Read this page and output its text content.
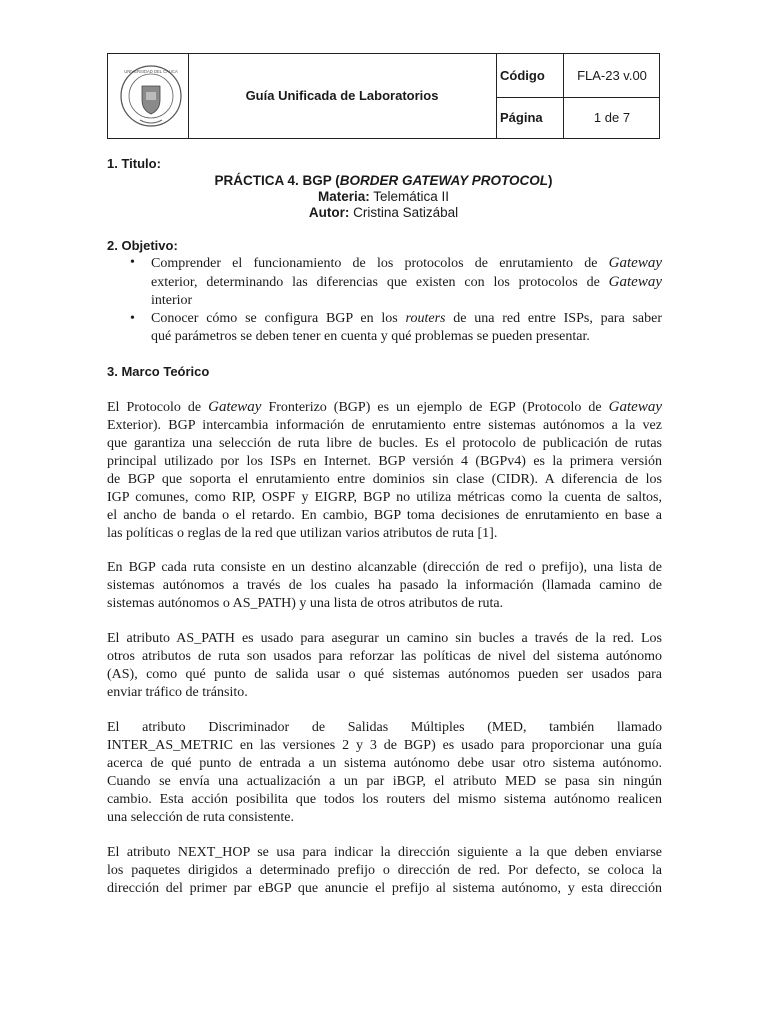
UNIVERSIDAD DEL CAUCA
Guía Unificada de Laboratorios
Código	FLA-23 v.00
Página	1 de 7
1. Titulo:
PRÁCTICA 4. BGP (BORDER GATEWAY PROTOCOL)
Materia: Telemática II
Autor: Cristina Satizábal
2. Objetivo:
• Comprender el funcionamiento de los protocolos de enrutamiento de Gateway
exterior, determinando las diferencias que existen con los protocolos de Gateway
interior
• Conocer cómo se configura BGP en los routers de una red entre ISPs, para saber
qué parámetros se deben tener en cuenta y qué problemas se pueden presentar.
3. Marco Teórico
El Protocolo de Gateway Fronterizo (BGP) es un ejemplo de EGP (Protocolo de Gateway
Exterior). BGP intercambia información de enrutamiento entre sistemas autónomos a la vez
que garantiza una selección de ruta libre de bucles. Es el protocolo de publicación de rutas
principal utilizado por los ISPs en Internet. BGP versión 4 (BGPv4) es la primera versión
de BGP que soporta el enrutamiento entre dominios sin clase (CIDR). A diferencia de los
IGP comunes, como RIP, OSPF y EIGRP, BGP no utiliza métricas como la cuenta de saltos,
el ancho de banda o el retardo. En cambio, BGP toma decisiones de enrutamiento en base a
las políticas o reglas de la red que utilizan varios atributos de ruta [1].
En BGP cada ruta consiste en un destino alcanzable (dirección de red o prefijo), una lista de
sistemas autónomos a través de los cuales ha pasado la información (llamada camino de
sistemas autónomos o AS_PATH) y una lista de otros atributos de ruta.
El atributo AS_PATH es usado para asegurar un camino sin bucles a través de la red. Los
otros atributos de ruta son usados para reforzar las políticas de nivel del sistema autónomo
(AS), como qué punto de salida usar o qué sistemas autónomos pueden ser usados para
enviar tráfico de tránsito.
El atributo Discriminador de Salidas Múltiples (MED, también llamado
INTER_AS_METRIC en las versiones 2 y 3 de BGP) es usado para proporcionar una guía
acerca de qué punto de entrada a un sistema autónomo debe usar otro sistema autónomo.
Cuando se envía una actualización a un par iBGP, el atributo MED se pasa sin ningún
cambio. Esta acción posibilita que todos los routers del mismo sistema autónomo realicen
una selección de ruta consistente.
El atributo NEXT_HOP se usa para indicar la dirección siguiente a la que deben enviarse
los paquetes dirigidos a determinado prefijo o dirección de red. Por defecto, se coloca la
dirección del primer par eBGP que anuncie el prefijo al sistema autónomo, y esta dirección
